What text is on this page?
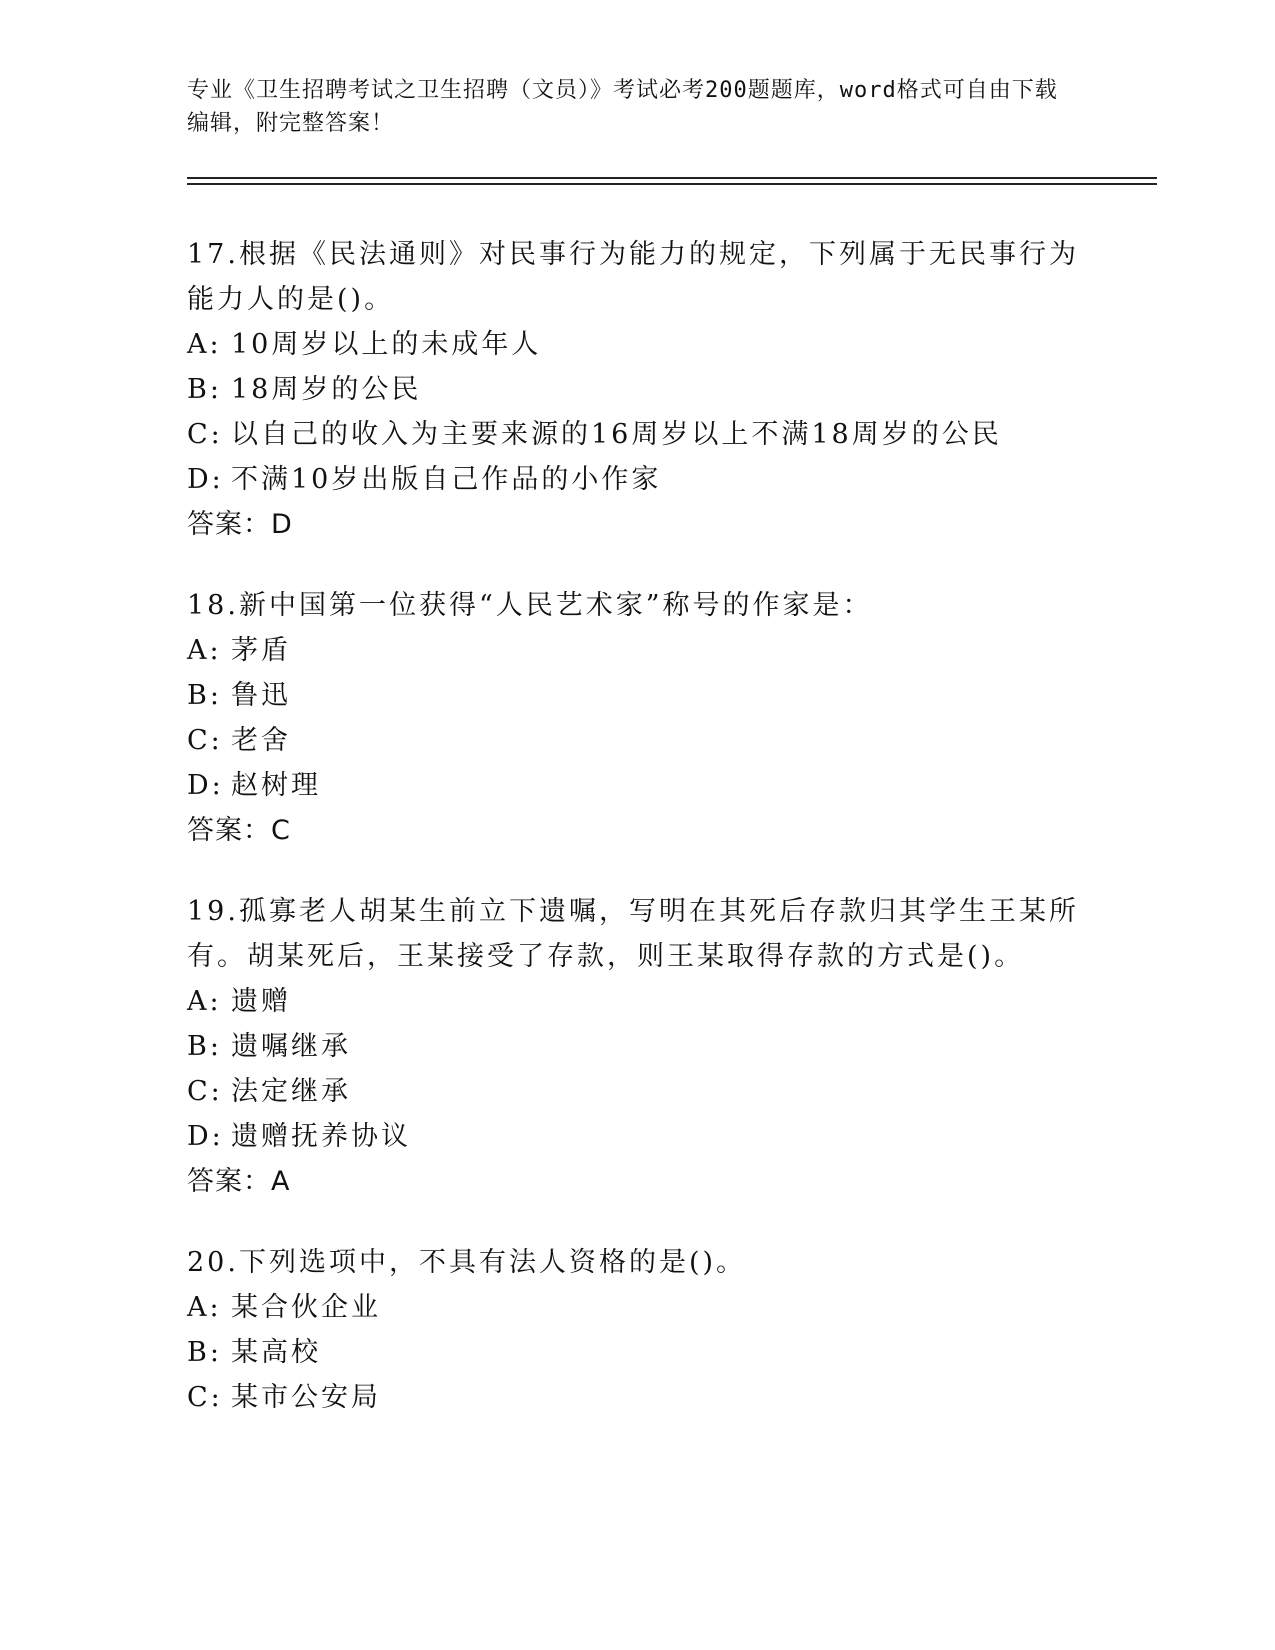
专业《卫生招聘考试之卫生招聘（文员）》考试必考200题题库，word格式可自由下载编辑，附完整答案！

17.根据《民法通则》对民事行为能力的规定，下列属于无民事行为能力人的是()。

A: 10周岁以上的未成年人

B: 18周岁的公民

C: 以自己的收入为主要来源的16周岁以上不满18周岁的公民

D: 不满10岁出版自己作品的小作家

答案：D

18.新中国第一位获得“人民艺术家”称号的作家是：

A: 茅盾

B: 鲁迅

C: 老舍

D: 赵树理

答案：C

19.孤寡老人胡某生前立下遗嘱，写明在其死后存款归其学生王某所有。胡某死后，王某接受了存款，则王某取得存款的方式是()。

A: 遗赠

B: 遗嘱继承

C: 法定继承

D: 遗赠抚养协议

答案：A

20.下列选项中，不具有法人资格的是()。

A: 某合伙企业

B: 某高校

C: 某市公安局
